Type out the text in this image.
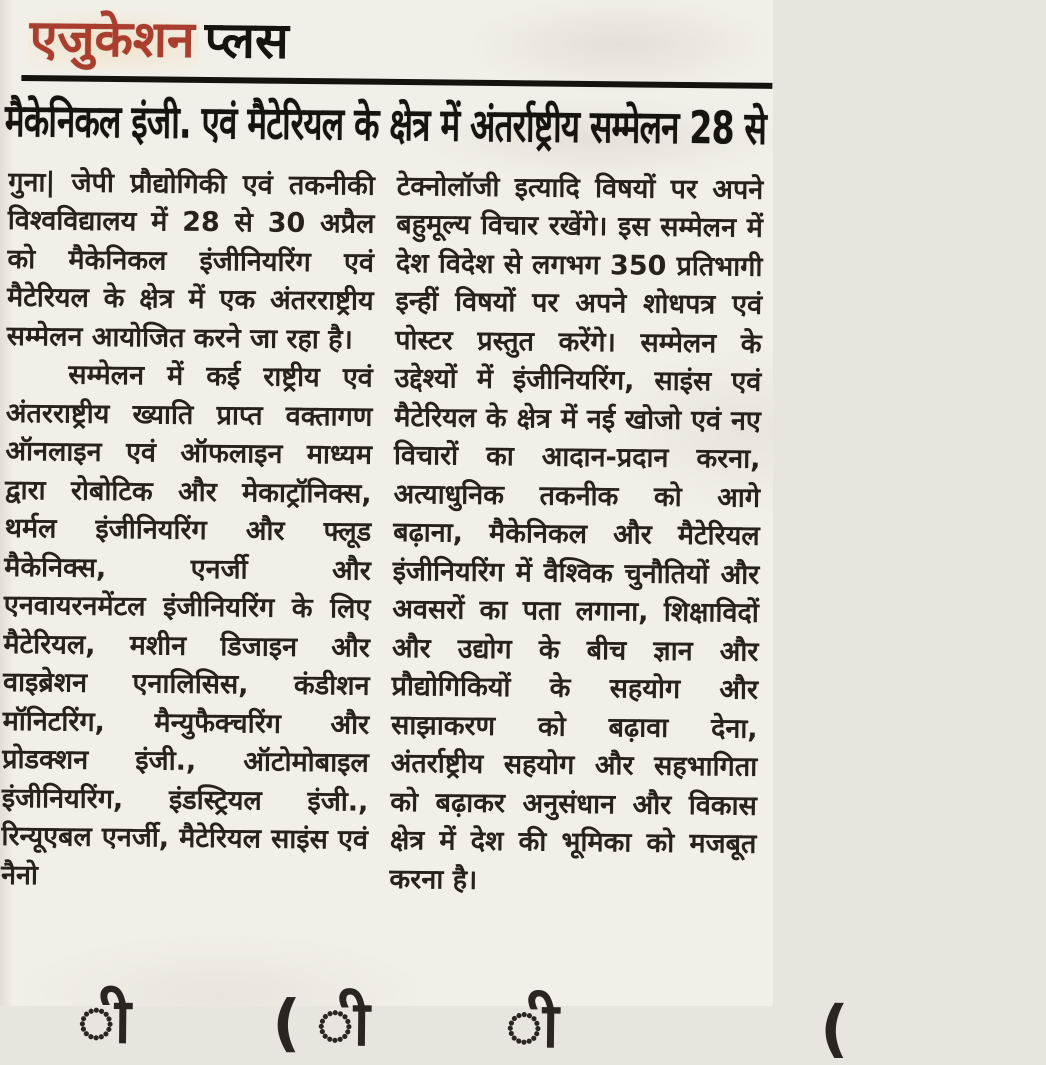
एजुकेशन प्लस
मैकेनिकल इंजी. एवं मैटेरियल के क्षेत्र में अंतर्राष्ट्रीय सम्मेलन 28 से

गुना| जेपी प्रौद्योगिकी एवं तकनीकी विश्वविद्यालय में 28 से 30 अप्रैल को मैकेनिकल इंजीनियरिंग एवं मैटेरियल के क्षेत्र में एक अंतरराष्ट्रीय सम्मेलन आयोजित करने जा रहा है।

सम्मेलन में कई राष्ट्रीय एवं अंतरराष्ट्रीय ख्याति प्राप्त वक्तागण ऑनलाइन एवं ऑफलाइन माध्यम द्वारा रोबोटिक और मेकाट्रॉनिक्स, थर्मल इंजीनियरिंग और फ्लूड मैकेनिक्स, एनर्जी और एनवायरनमेंटल इंजीनियरिंग के लिए मैटेरियल, मशीन डिजाइन और वाइब्रेशन एनालिसिस, कंडीशन मॉनिटरिंग, मैन्युफैक्चरिंग और प्रोडक्शन इंजी., ऑटोमोबाइल इंजीनियरिंग, इंडस्ट्रियल इंजी., रिन्यूएबल एनर्जी, मैटेरियल साइंस एवं नैनो

टेक्नोलॉजी इत्यादि विषयों पर अपने बहुमूल्य विचार रखेंगे। इस सम्मेलन में देश विदेश से लगभग 350 प्रतिभागी इन्हीं विषयों पर अपने शोधपत्र एवं पोस्टर प्रस्तुत करेंगे। सम्मेलन के उद्देश्यों में इंजीनियरिंग, साइंस एवं मैटेरियल के क्षेत्र में नई खोजो एवं नए विचारों का आदान-प्रदान करना, अत्याधुनिक तकनीक को आगे बढ़ाना, मैकेनिकल और मैटेरियल इंजीनियरिंग में वैश्विक चुनौतियों और अवसरों का पता लगाना, शिक्षाविदों और उद्योग के बीच ज्ञान और प्रौद्योगिकियों के सहयोग और साझाकरण को बढ़ावा देना, अंतर्राष्ट्रीय सहयोग और सहभागिता को बढ़ाकर अनुसंधान और विकास क्षेत्र में देश की भूमिका को मजबूत करना है।

ी ( ी ी (
